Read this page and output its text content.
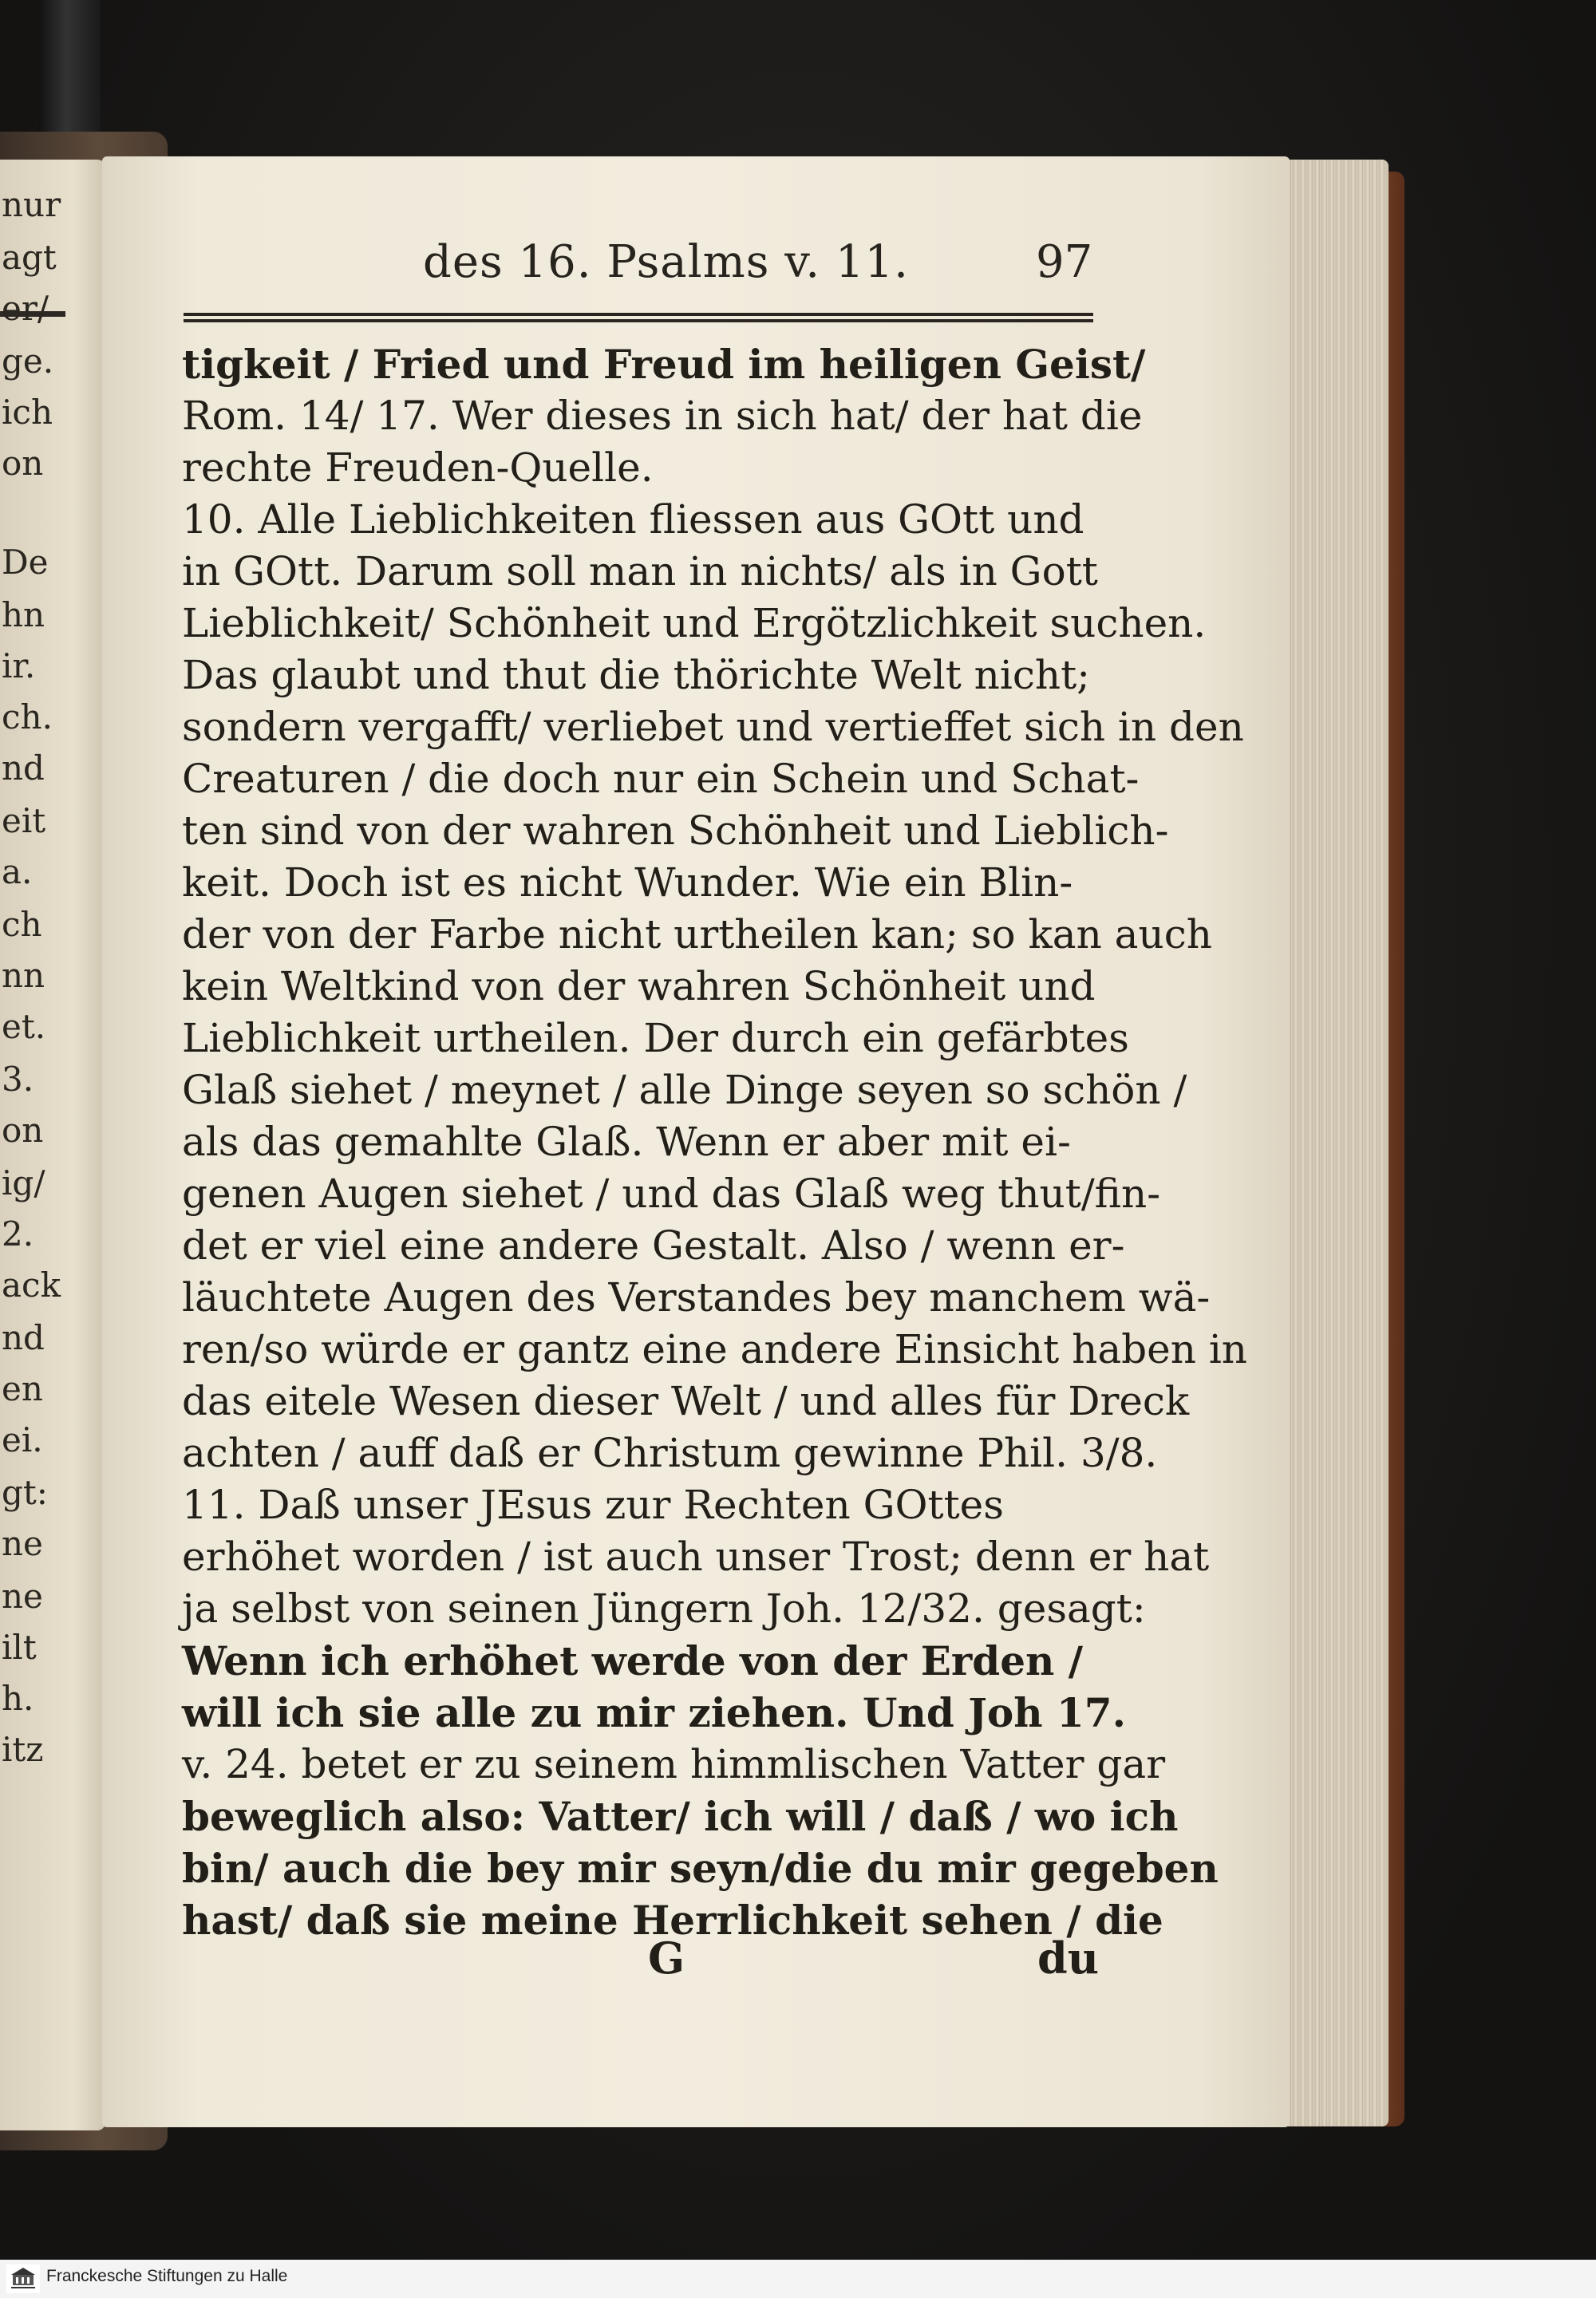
nur
agt
er/
ge.
ich
on
De
hn
ir.
ch.
nd
eit
a.
ch
nn
et.
3.
on
ig/
2.
ack
nd
en
ei.
gt:
ne
ne
ilt
h.
itz
des 16. Psalms v. 11.	97
tigkeit / Fried und Freud im heiligen Geist/
Rom. 14/ 17. Wer dieses in sich hat/ der hat die
rechte Freuden-Quelle.
10. Alle Lieblichkeiten fliessen aus GOtt und
in GOtt. Darum soll man in nichts/ als in Gott
Lieblichkeit/ Schönheit und Ergötzlichkeit suchen.
Das glaubt und thut die thörichte Welt nicht;
sondern vergafft/ verliebet und vertieffet sich in den
Creaturen / die doch nur ein Schein und Schat-
ten sind von der wahren Schönheit und Lieblich-
keit. Doch ist es nicht Wunder. Wie ein Blin-
der von der Farbe nicht urtheilen kan; so kan auch
kein Weltkind von der wahren Schönheit und
Lieblichkeit urtheilen. Der durch ein gefärbtes
Glaß siehet / meynet / alle Dinge seyen so schön /
als das gemahlte Glaß. Wenn er aber mit ei-
genen Augen siehet / und das Glaß weg thut/fin-
det er viel eine andere Gestalt. Also / wenn er-
läuchtete Augen des Verstandes bey manchem wä-
ren/so würde er gantz eine andere Einsicht haben in
das eitele Wesen dieser Welt / und alles für Dreck
achten / auff daß er Christum gewinne Phil. 3/8.
11. Daß unser JEsus zur Rechten GOttes
erhöhet worden / ist auch unser Trost; denn er hat
ja selbst von seinen Jüngern Joh. 12/32. gesagt:
Wenn ich erhöhet werde von der Erden /
will ich sie alle zu mir ziehen. Und Joh 17.
v. 24. betet er zu seinem himmlischen Vatter gar
beweglich also: Vatter/ ich will / daß / wo ich
bin/ auch die bey mir seyn/die du mir gegeben
hast/ daß sie meine Herrlichkeit sehen / die
G	du
Franckesche Stiftungen zu Halle
